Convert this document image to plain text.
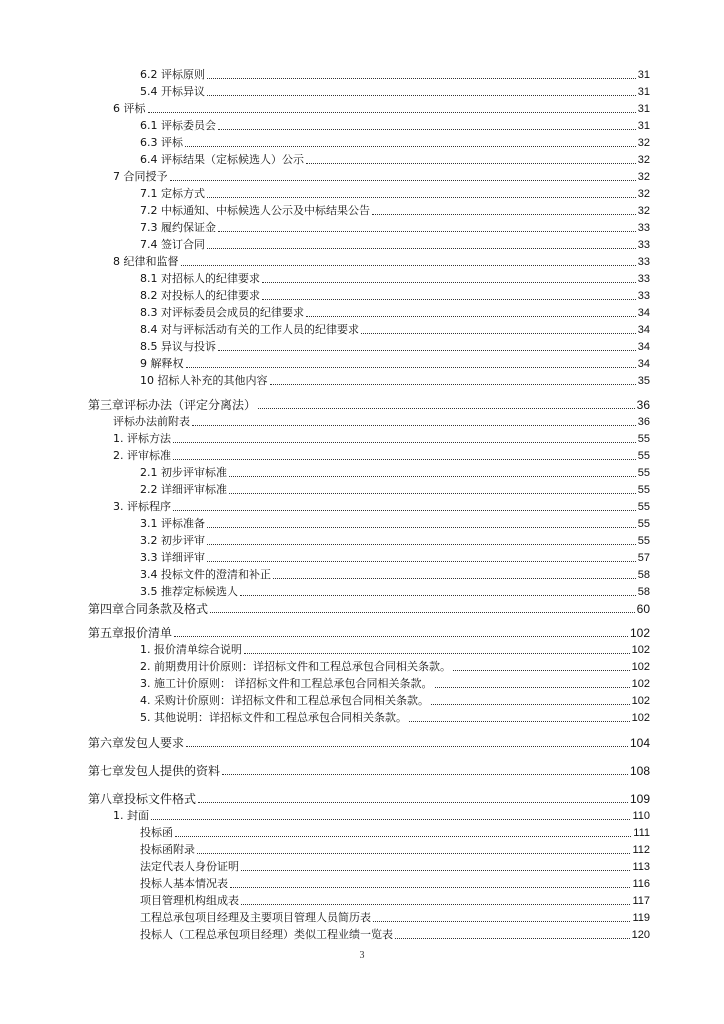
6.2 评标原则	31
5.4 开标异议	31
6 评标	31
6.1 评标委员会	31
6.3 评标	32
6.4 评标结果（定标候选人）公示	32
7 合同授予	32
7.1 定标方式	32
7.2 中标通知、中标候选人公示及中标结果公告	32
7.3 履约保证金	33
7.4 签订合同	33
8 纪律和监督	33
8.1 对招标人的纪律要求	33
8.2 对投标人的纪律要求	33
8.3 对评标委员会成员的纪律要求	34
8.4 对与评标活动有关的工作人员的纪律要求	34
8.5 异议与投诉	34
9 解释权	34
10 招标人补充的其他内容	35
第三章评标办法（评定分离法）	36
评标办法前附表	36
1. 评标方法	55
2. 评审标准	55
2.1 初步评审标准	55
2.2 详细评审标准	55
3. 评标程序	55
3.1 评标准备	55
3.2 初步评审	55
3.3 详细评审	57
3.4 投标文件的澄清和补正	58
3.5 推荐定标候选人	58
第四章合同条款及格式	60
第五章报价清单	102
1. 报价清单综合说明	102
2. 前期费用计价原则：详招标文件和工程总承包合同相关条款。	102
3. 施工计价原则： 详招标文件和工程总承包合同相关条款。	102
4. 采购计价原则：详招标文件和工程总承包合同相关条款。	102
5. 其他说明：详招标文件和工程总承包合同相关条款。	102
第六章发包人要求	104
第七章发包人提供的资料	108
第八章投标文件格式	109
1. 封面	110
投标函	111
投标函附录	112
法定代表人身份证明	113
投标人基本情况表	116
项目管理机构组成表	117
工程总承包项目经理及主要项目管理人员简历表	119
投标人（工程总承包项目经理）类似工程业绩一览表	120
3
